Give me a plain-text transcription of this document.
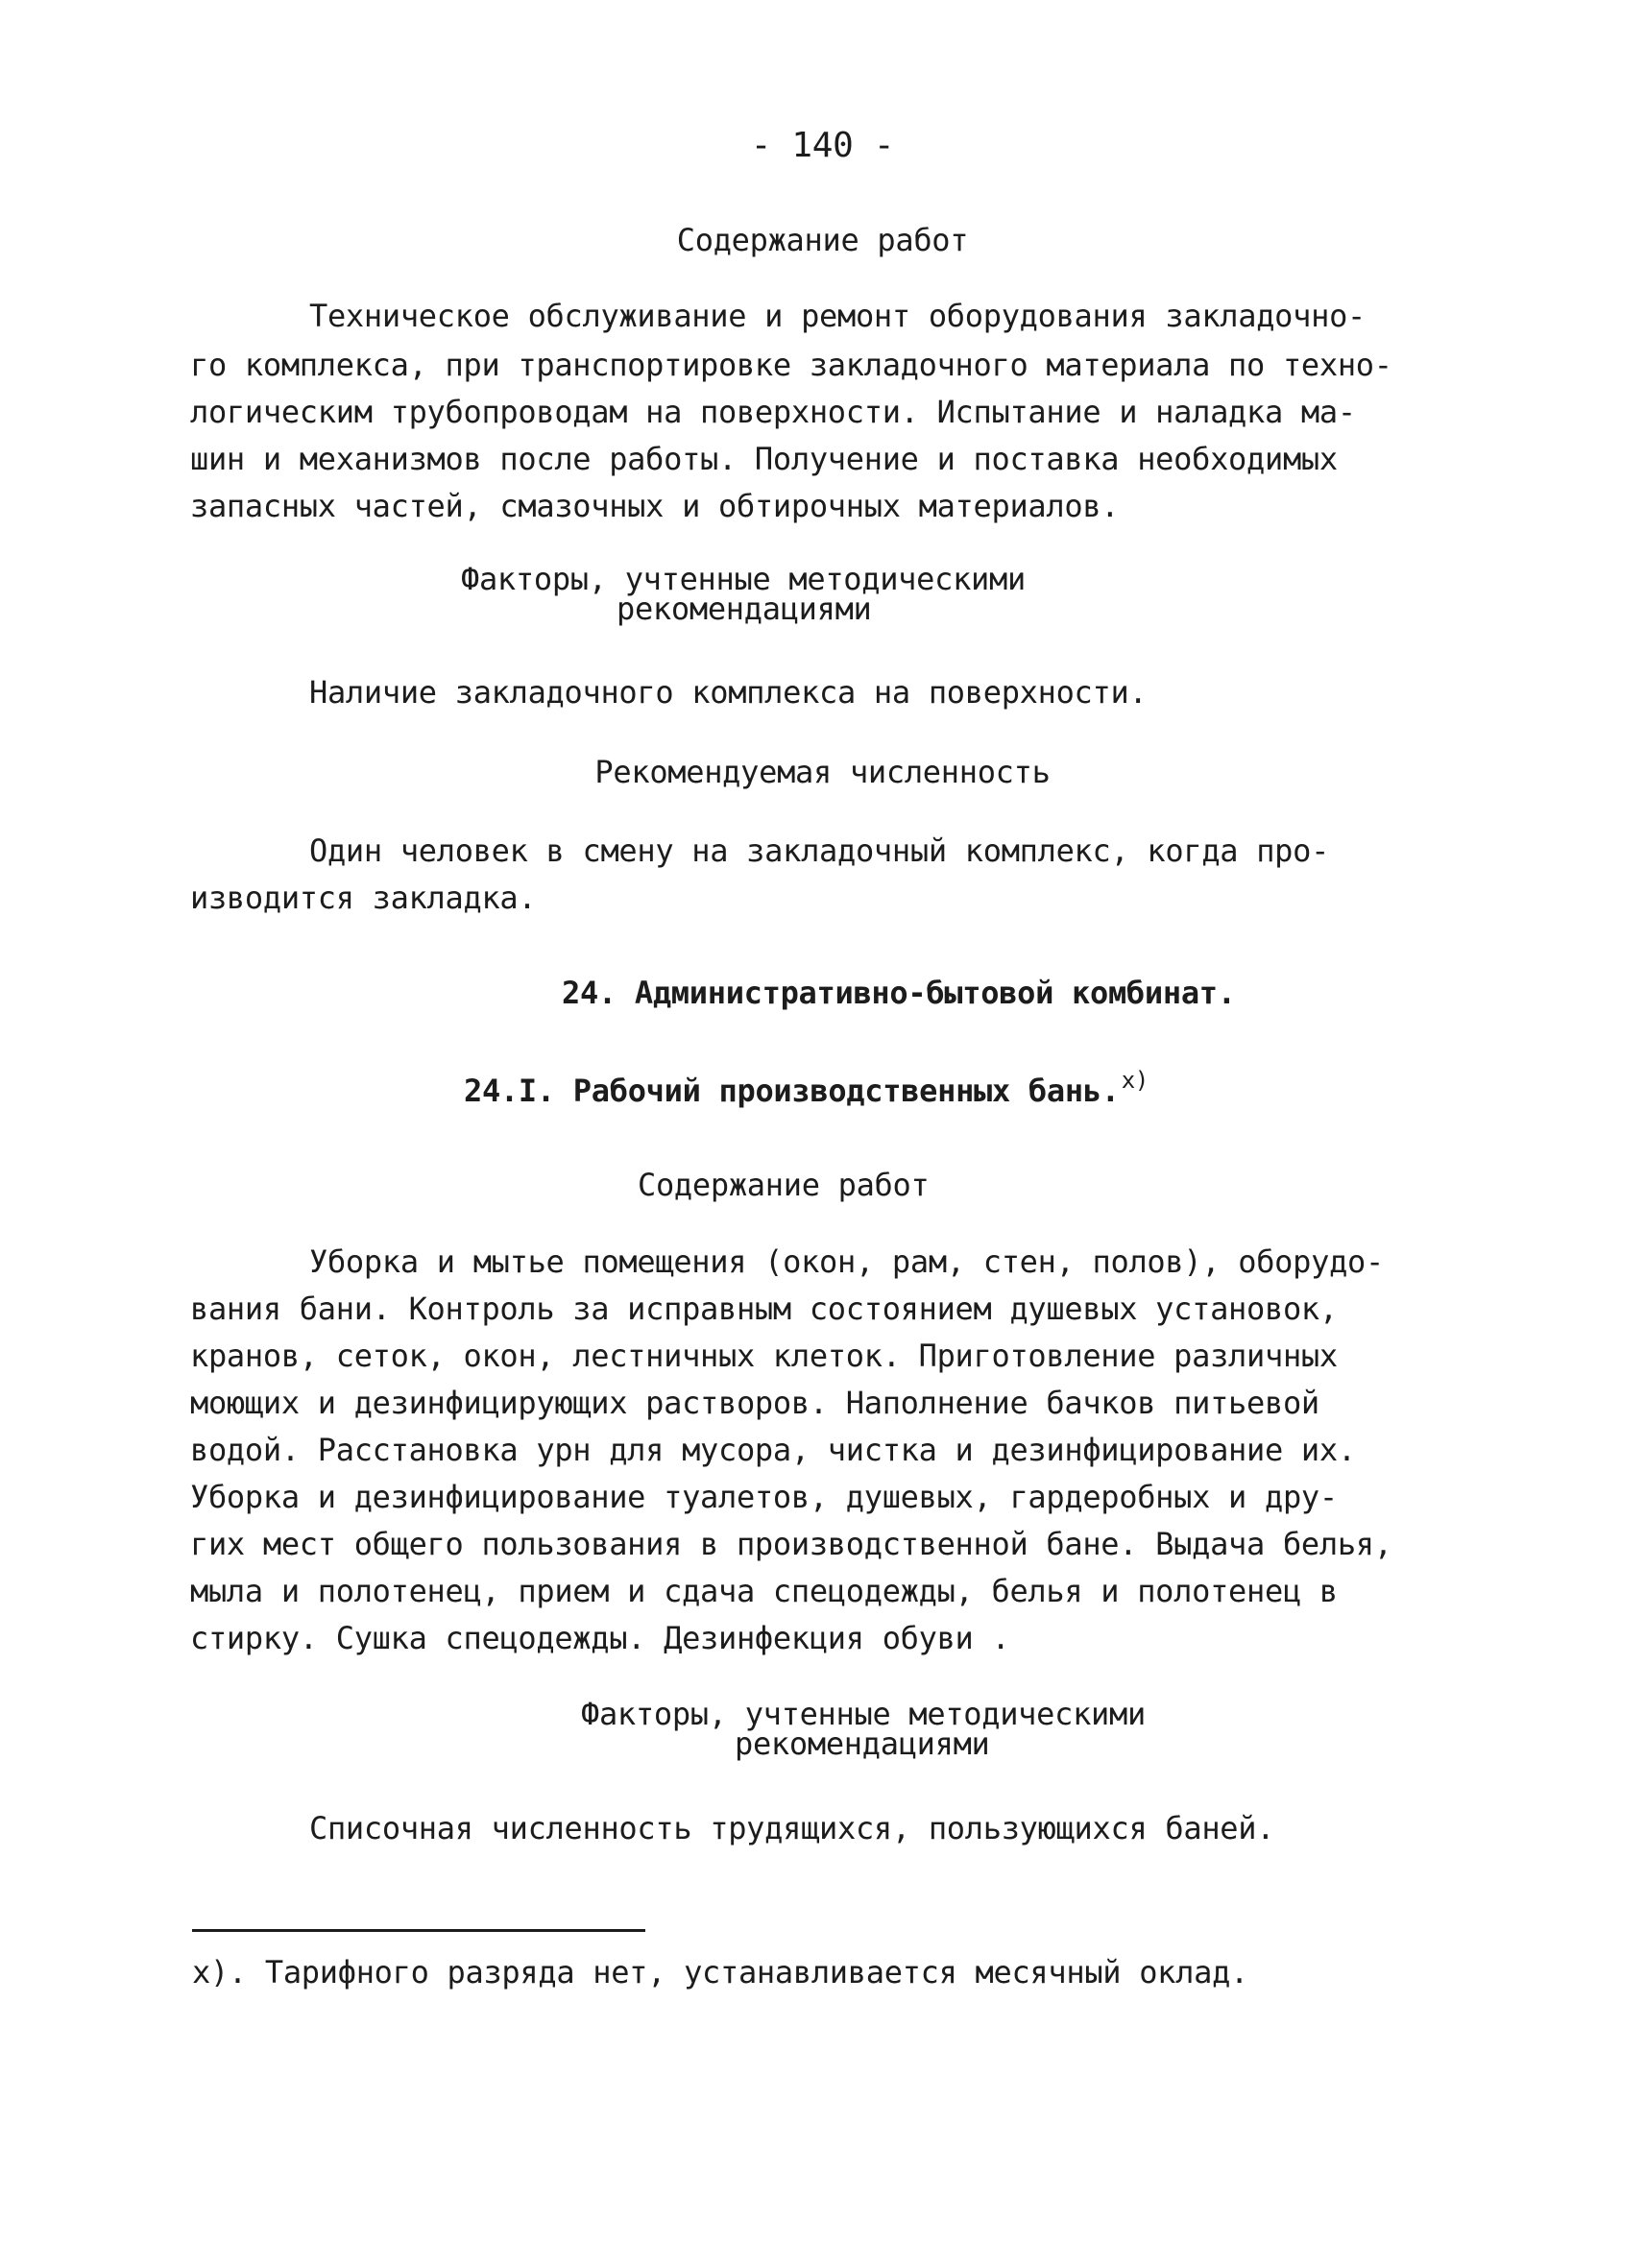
- 140 -
Содержание работ
Техническое обслуживание и ремонт оборудования закладочно-
го комплекса, при транспортировке закладочного материала по техно-
логическим трубопроводам на поверхности. Испытание и наладка ма-
шин и механизмов после работы. Получение и поставка необходимых
запасных частей, смазочных и обтирочных материалов.
Факторы, учтенные методическими
рекомендациями
Наличие закладочного комплекса на поверхности.
Рекомендуемая численность
Один человек в смену на закладочный комплекс, когда про-
изводится закладка.
24. Административно-бытовой комбинат.
24.I. Рабочий производственных бань.$^{x)}$
Содержание работ
Уборка и мытье помещения (окон, рам, стен, полов), оборудо-
вания бани. Контроль за исправным состоянием душевых установок,
кранов, сеток, окон, лестничных клеток. Приготовление различных
моющих и дезинфицирующих растворов. Наполнение бачков питьевой
водой. Расстановка урн для мусора, чистка и дезинфицирование их.
Уборка и дезинфицирование туалетов, душевых, гардеробных и дру-
гих мест общего пользования в производственной бане. Выдача белья,
мыла и полотенец, прием и сдача спецодежды, белья и полотенец в
стирку. Сушка спецодежды. Дезинфекция обуви .
Факторы, учтенные методическими
рекомендациями
Списочная численность трудящихся, пользующихся баней.
x). Тарифного разряда нет, устанавливается месячный оклад.
